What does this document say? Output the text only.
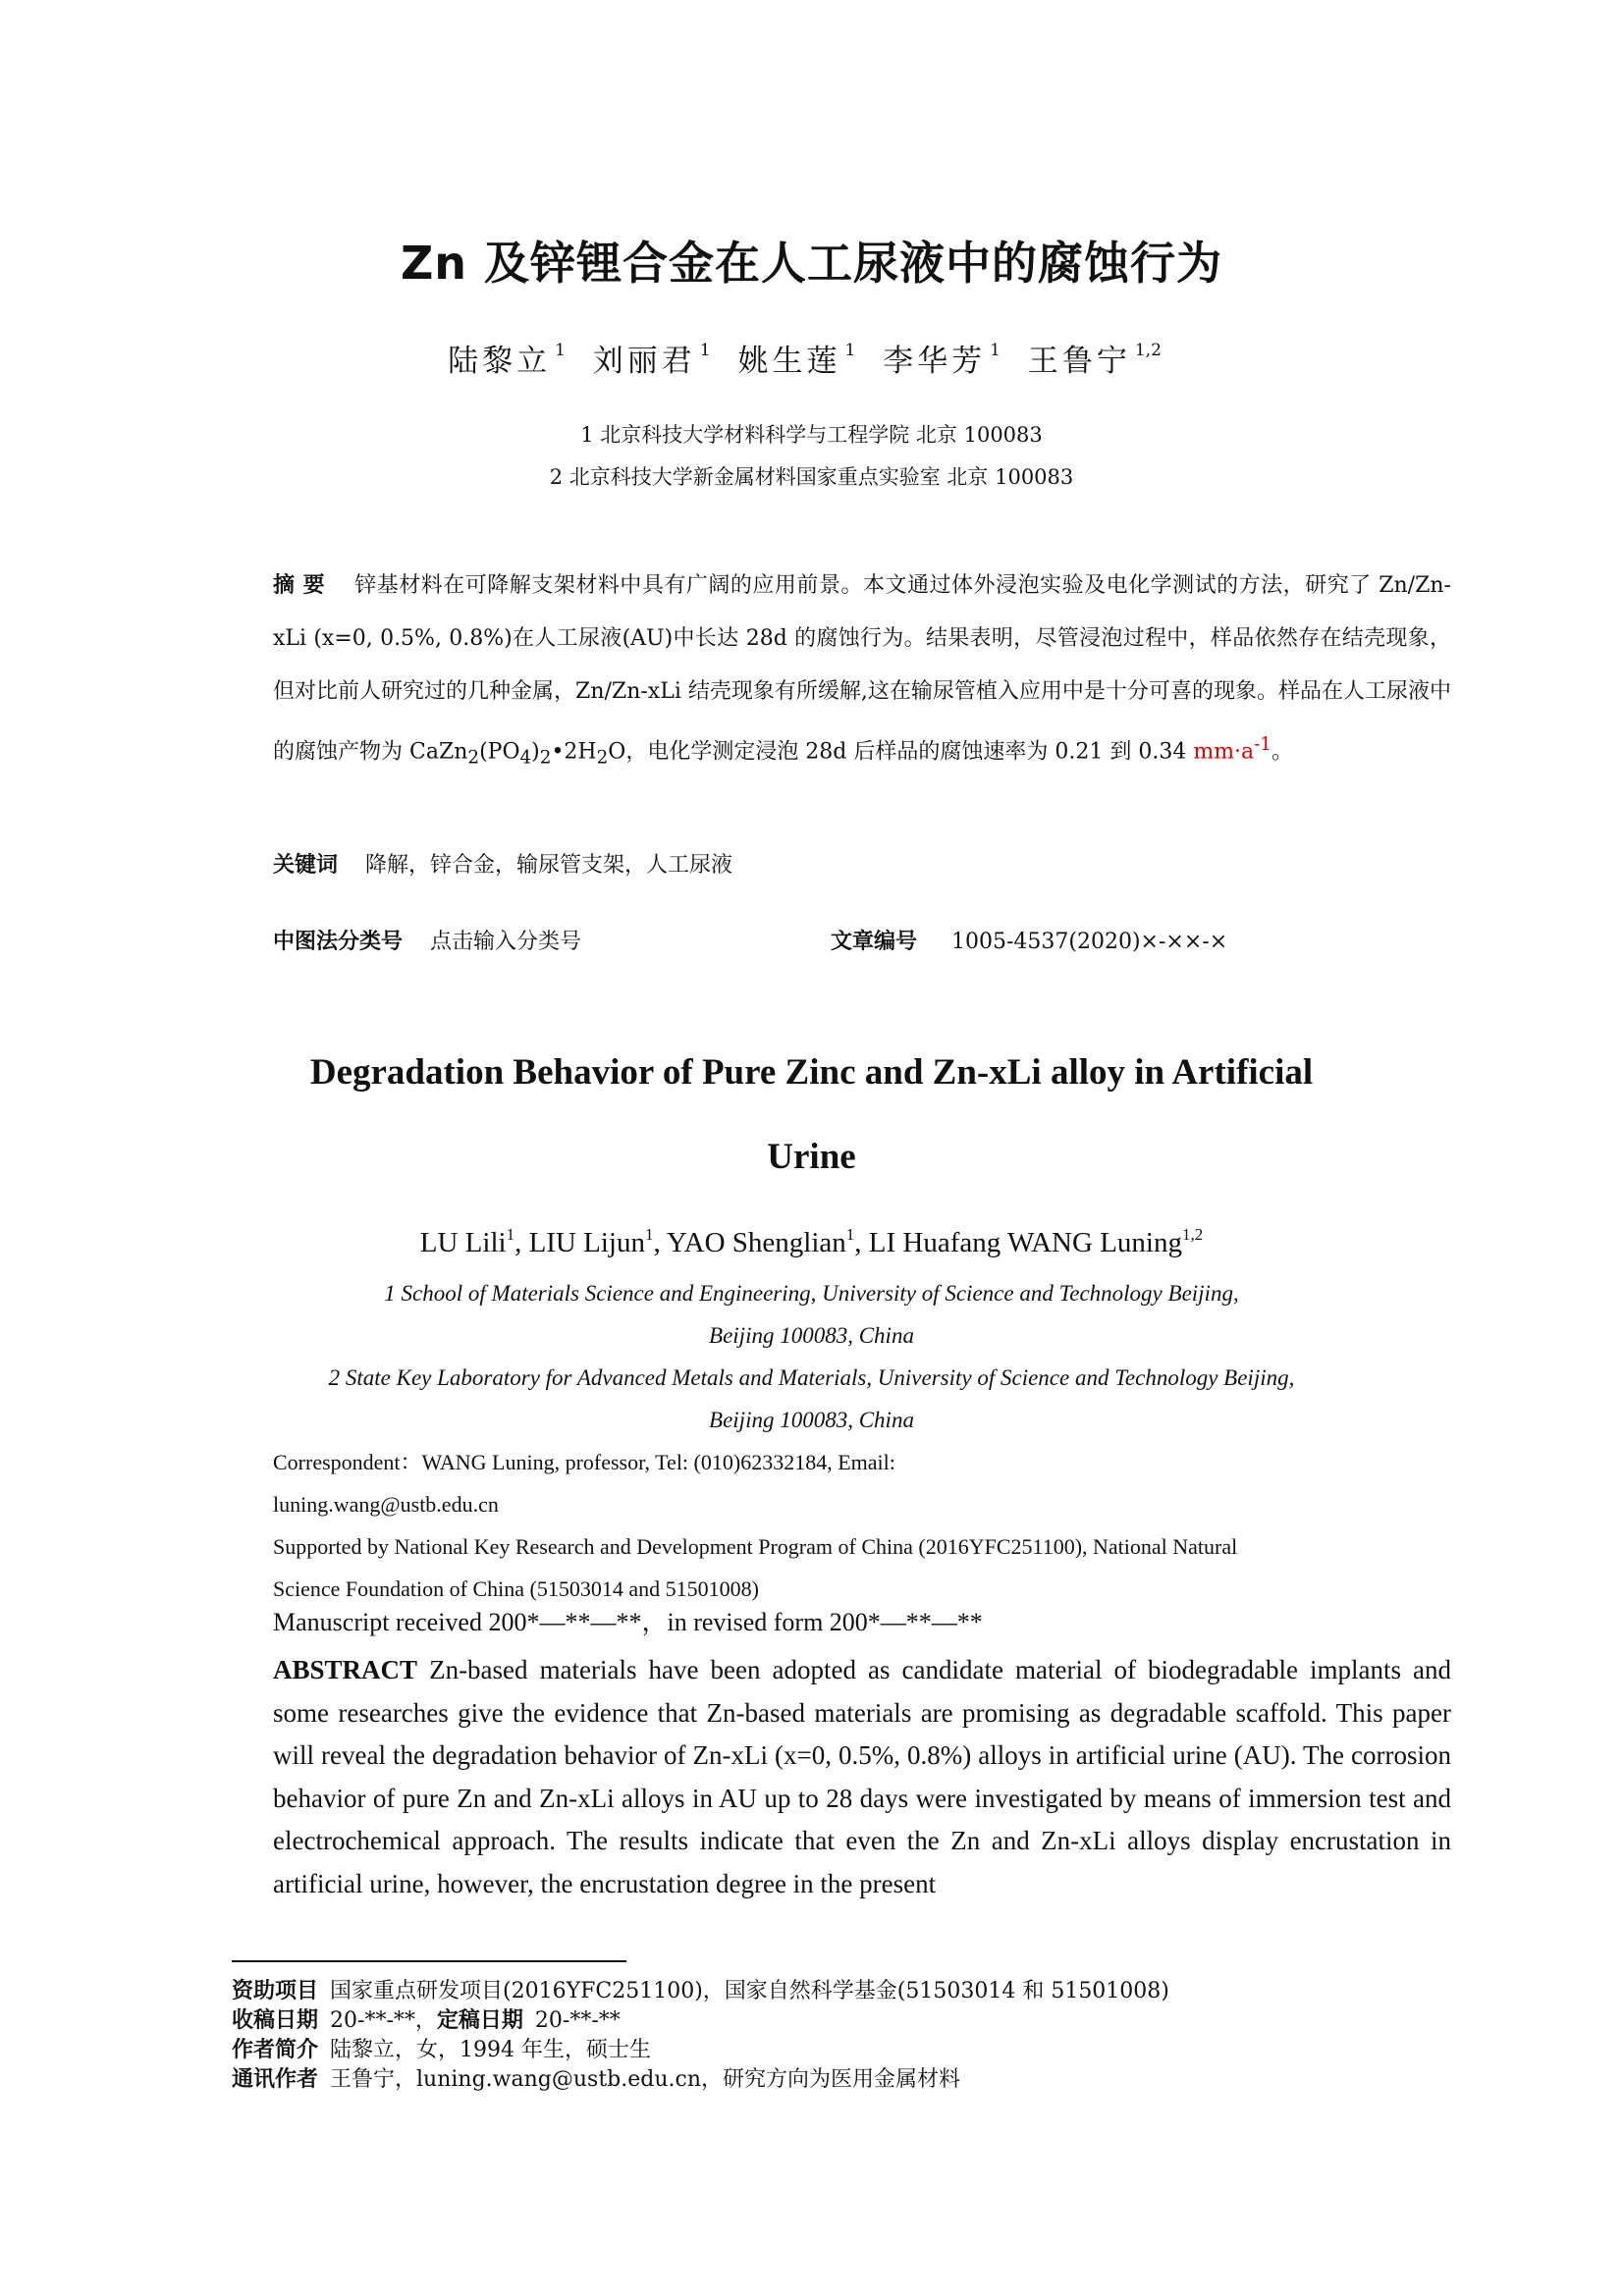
Zn 及锌锂合金在人工尿液中的腐蚀行为
陆黎立 $^1$ 刘丽君 $^1$ 姚生莲 $^1$ 李华芳 $^1$ 王鲁宁 $^{1,2}$
1 北京科技大学材料科学与工程学院 北京 100083
2 北京科技大学新金属材料国家重点实验室 北京 100083
摘 要 锌基材料在可降解支架材料中具有广阔的应用前景。本文通过体外浸泡实验及电化学测试的方法，研究了 Zn/Zn-xLi (x=0, 0.5%, 0.8%)在人工尿液(AU)中长达 28d 的腐蚀行为。结果表明，尽管浸泡过程中，样品依然存在结壳现象，但对比前人研究过的几种金属，Zn/Zn-xLi 结壳现象有所缓解,这在输尿管植入应用中是十分可喜的现象。样品在人工尿液中的腐蚀产物为 $CaZn_2(PO_4)_2•2H_2O$，电化学测定浸泡 28d 后样品的腐蚀速率为 0.21 到 0.34 $mm\cdot a^{-1}$。
关键词 降解，锌合金，输尿管支架，人工尿液
中图法分类号 点击输入分类号	文章编号 1005-4537(2020)×-××-×
Degradation Behavior of Pure Zinc and Zn-xLi alloy in Artificial
Urine
LU Lili$^1$, LIU Lijun$^1$, YAO Shenglian$^1$, LI Huafang WANG Luning$^{1,2}$
1 School of Materials Science and Engineering, University of Science and Technology Beijing,
Beijing 100083, China
2 State Key Laboratory for Advanced Metals and Materials, University of Science and Technology Beijing,
Beijing 100083, China
Correspondent：WANG Luning, professor, Tel: (010)62332184, Email:
luning.wang@ustb.edu.cn
Supported by National Key Research and Development Program of China (2016YFC251100), National Natural
Science Foundation of China (51503014 and 51501008)
Manuscript received 200*—**—**，in revised form 200*—**—**
ABSTRACT Zn-based materials have been adopted as candidate material of biodegradable implants and some researches give the evidence that Zn-based materials are promising as degradable scaffold. This paper will reveal the degradation behavior of Zn-xLi (x=0, 0.5%, 0.8%) alloys in artificial urine (AU). The corrosion behavior of pure Zn and Zn-xLi alloys in AU up to 28 days were investigated by means of immersion test and electrochemical approach. The results indicate that even the Zn and Zn-xLi alloys display encrustation in artificial urine, however, the encrustation degree in the present
资助项目 国家重点研发项目(2016YFC251100)，国家自然科学基金(51503014 和 51501008)
收稿日期 20-**-**，定稿日期 20-**-**
作者简介 陆黎立，女，1994 年生，硕士生
通讯作者 王鲁宁，luning.wang@ustb.edu.cn，研究方向为医用金属材料
